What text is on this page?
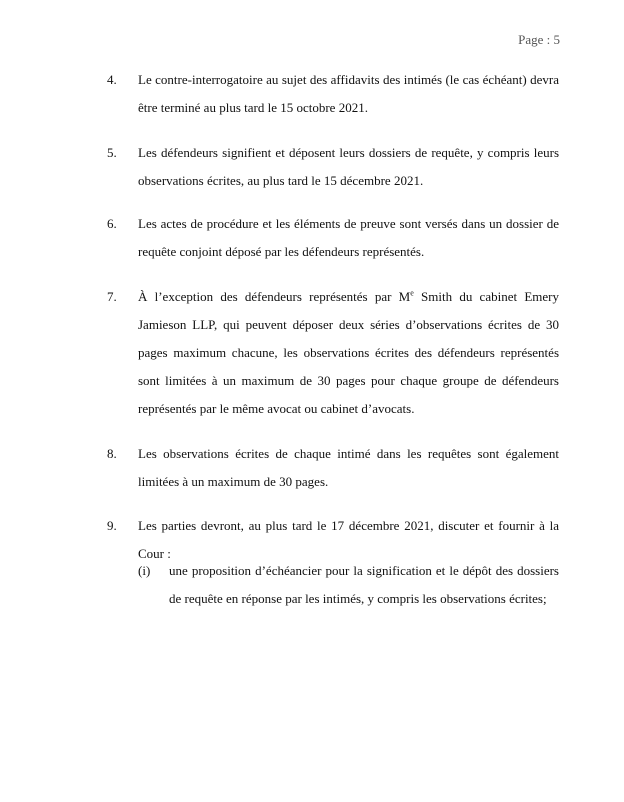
Page : 5
4. Le contre-interrogatoire au sujet des affidavits des intimés (le cas échéant) devra être terminé au plus tard le 15 octobre 2021.
5. Les défendeurs signifient et déposent leurs dossiers de requête, y compris leurs observations écrites, au plus tard le 15 décembre 2021.
6. Les actes de procédure et les éléments de preuve sont versés dans un dossier de requête conjoint déposé par les défendeurs représentés.
7. À l’exception des défendeurs représentés par Me Smith du cabinet Emery Jamieson LLP, qui peuvent déposer deux séries d’observations écrites de 30 pages maximum chacune, les observations écrites des défendeurs représentés sont limitées à un maximum de 30 pages pour chaque groupe de défendeurs représentés par le même avocat ou cabinet d’avocats.
8. Les observations écrites de chaque intimé dans les requêtes sont également limitées à un maximum de 30 pages.
9. Les parties devront, au plus tard le 17 décembre 2021, discuter et fournir à la Cour :
(i) une proposition d’échéancier pour la signification et le dépôt des dossiers de requête en réponse par les intimés, y compris les observations écrites;
